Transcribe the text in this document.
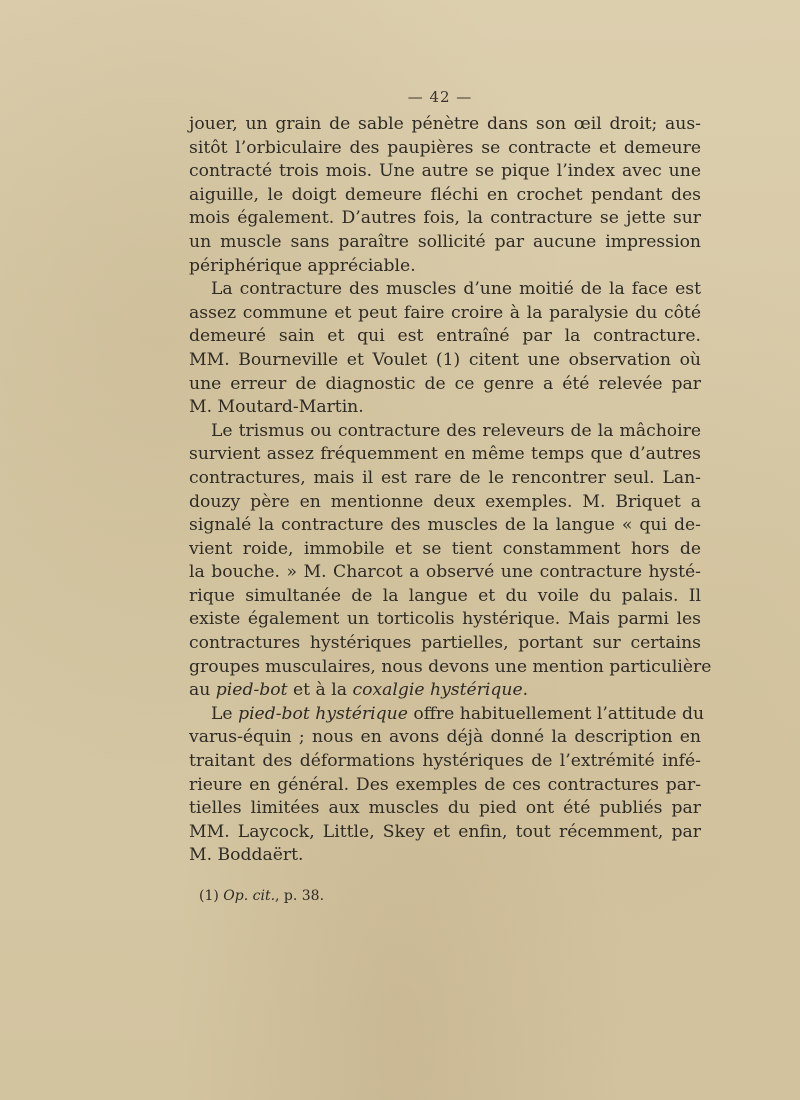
— 42 —
jouer, un grain de sable pénètre dans son œil droit; aus-
sitôt l’orbiculaire des paupières se contracte et demeure
contracté trois mois. Une autre se pique l’index avec une
aiguille, le doigt demeure fléchi en crochet pendant des
mois également. D’autres fois, la contracture se jette sur
un muscle sans paraître sollicité par aucune impression
périphérique appréciable.
La contracture des muscles d’une moitié de la face est
assez commune et peut faire croire à la paralysie du côté
demeuré sain et qui est entraîné par la contracture.
MM. Bourneville et Voulet (1) citent une observation où
une erreur de diagnostic de ce genre a été relevée par
M. Moutard-Martin.
Le trismus ou contracture des releveurs de la mâchoire
survient assez fréquemment en même temps que d’autres
contractures, mais il est rare de le rencontrer seul. Lan-
douzy père en mentionne deux exemples. M. Briquet a
signalé la contracture des muscles de la langue « qui de-
vient roide, immobile et se tient constamment hors de
la bouche. » M. Charcot a observé une contracture hysté-
rique simultanée de la langue et du voile du palais. Il
existe également un torticolis hystérique. Mais parmi les
contractures hystériques partielles, portant sur certains
groupes musculaires, nous devons une mention particulière
au pied-bot et à la coxalgie hystérique.
Le pied-bot hystérique offre habituellement l’attitude du
varus-équin ; nous en avons déjà donné la description en
traitant des déformations hystériques de l’extrémité infé-
rieure en général. Des exemples de ces contractures par-
tielles limitées aux muscles du pied ont été publiés par
MM. Laycock, Little, Skey et enfin, tout récemment, par
M. Boddaërt.
(1) Op. cit., p. 38.
